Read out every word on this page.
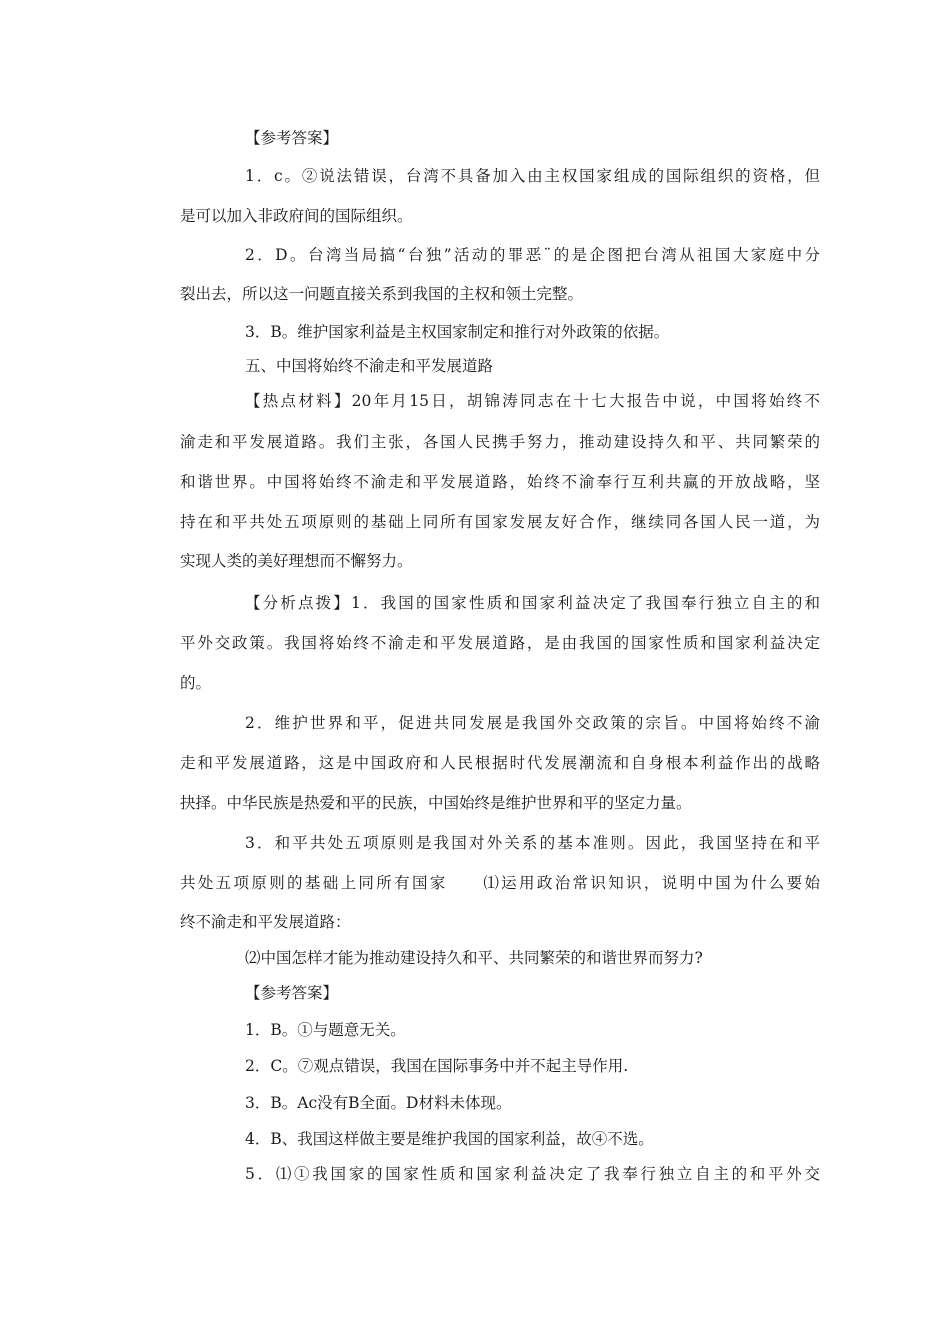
【参考答案】
1．c。②说法错误，台湾不具备加入由主权国家组成的国际组织的资格，但
是可以加入非政府间的国际组织。
2．D。台湾当局搞“台独”活动的罪恶¨的是企图把台湾从祖国大家庭中分
裂出去，所以这一问题直接关系到我国的主权和领土完整。
3．B。维护国家利益是主权国家制定和推行对外政策的依据。
五、中国将始终不渝走和平发展道路
【热点材料】20年月15日，胡锦涛同志在十七大报告中说，中国将始终不
渝走和平发展道路。我们主张，各国人民携手努力，推动建设持久和平、共同繁荣的
和谐世界。中国将始终不渝走和平发展道路，始终不渝奉行互利共赢的开放战略，坚
持在和平共处五项原则的基础上同所有国家发展友好合作，继续同各国人民一道，为
实现人类的美好理想而不懈努力。
【分析点拨】1．我国的国家性质和国家利益决定了我国奉行独立自主的和
平外交政策。我国将始终不渝走和平发展道路，是由我国的国家性质和国家利益决定
的。
2．维护世界和平，促进共同发展是我国外交政策的宗旨。中国将始终不渝
走和平发展道路，这是中国政府和人民根据时代发展潮流和自身根本利益作出的战略
抉择。中华民族是热爱和平的民族，中国始终是维护世界和平的坚定力量。
3．和平共处五项原则是我国对外关系的基本准则。因此，我国坚持在和平
共处五项原则的基础上同所有国家　　⑴运用政治常识知识，说明中国为什么要始
终不渝走和平发展道路：
⑵中国怎样才能为推动建设持久和平、共同繁荣的和谐世界而努力?
【参考答案】
1．B。①与题意无关。
2．C。⑦观点错误，我国在国际事务中并不起主导作用.
3．B。Ac没有B全面。D材料未体现。
4．B、我国这样做主要是维护我国的国家利益，故④不选。
5．⑴①我国家的国家性质和国家利益决定了我奉行独立自主的和平外交
